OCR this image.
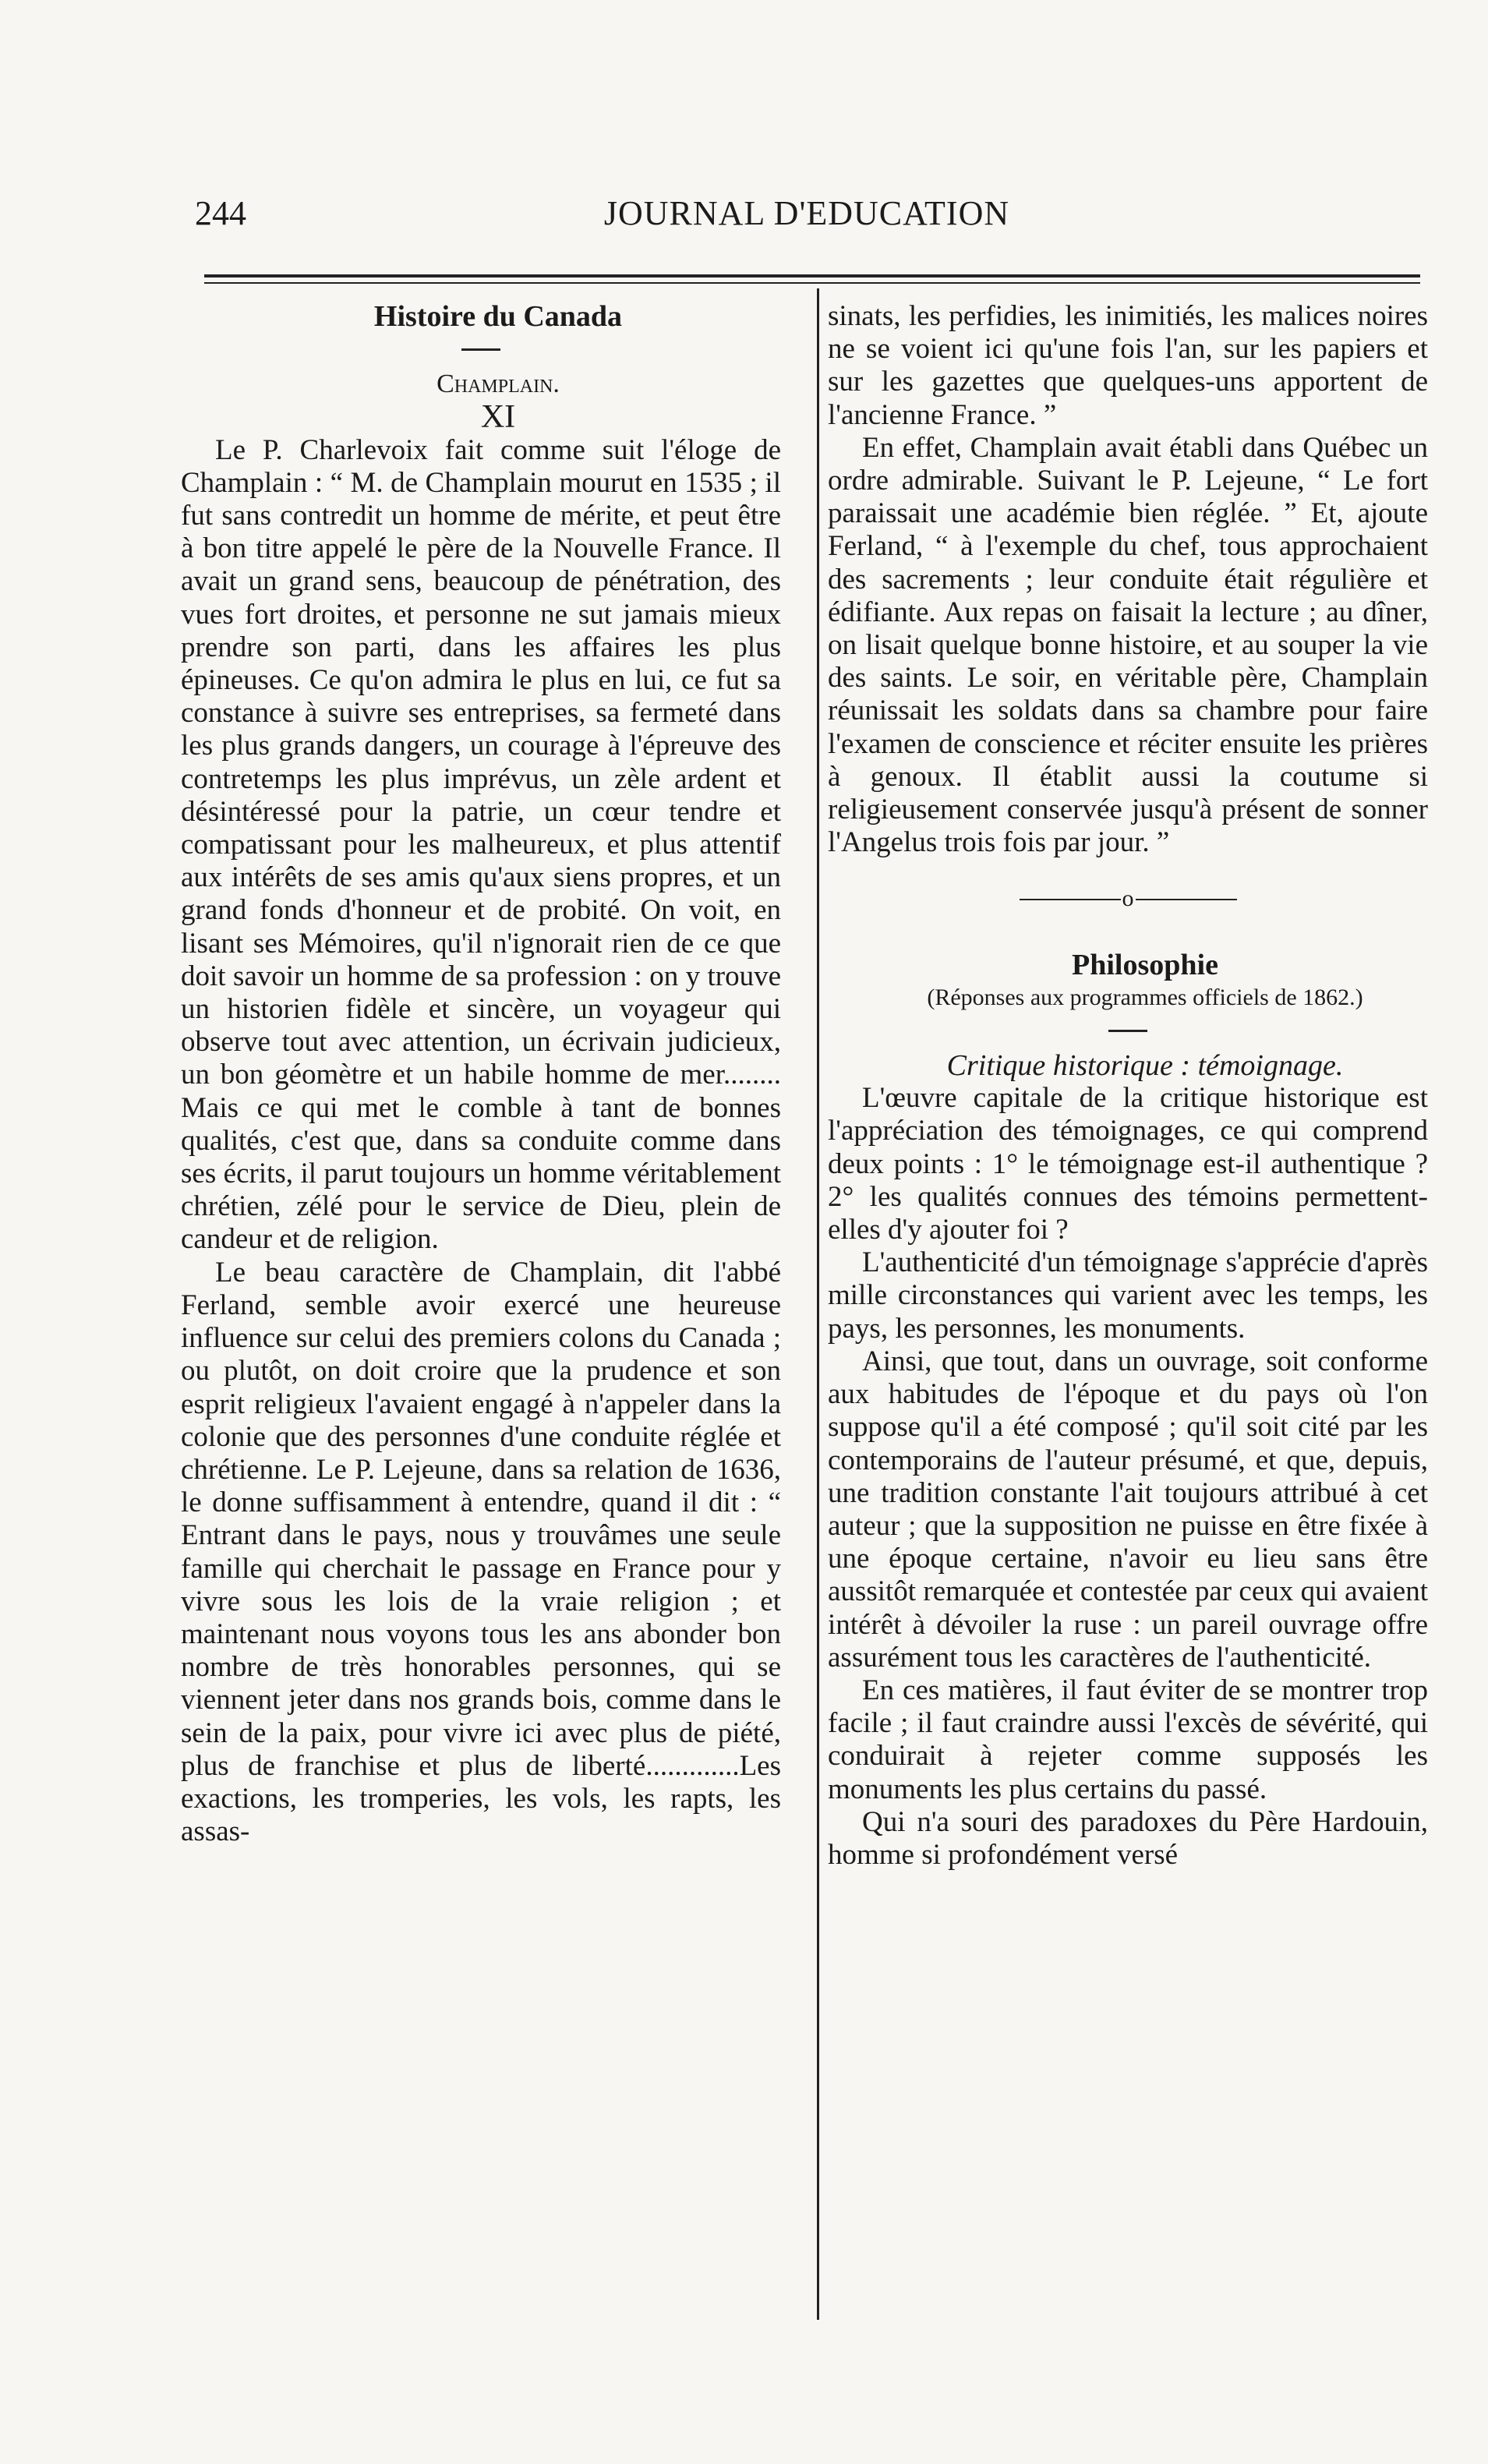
244	JOURNAL D'EDUCATION

Histoire du Canada

Champlain.

XI

Le P. Charlevoix fait comme suit l'éloge de Champlain : “ M. de Champlain mourut en 1535 ; il fut sans contredit un homme de mérite, et peut être à bon titre appelé le père de la Nouvelle France. Il avait un grand sens, beaucoup de pénétration, des vues fort droites, et personne ne sut jamais mieux prendre son parti, dans les affaires les plus épineuses. Ce qu'on admira le plus en lui, ce fut sa constance à suivre ses entreprises, sa fermeté dans les plus grands dangers, un courage à l'épreuve des contretemps les plus imprévus, un zèle ardent et désintéressé pour la patrie, un cœur tendre et compatissant pour les malheureux, et plus attentif aux intérêts de ses amis qu'aux siens propres, et un grand fonds d'honneur et de probité. On voit, en lisant ses Mémoires, qu'il n'ignorait rien de ce que doit savoir un homme de sa profession : on y trouve un historien fidèle et sincère, un voyageur qui observe tout avec attention, un écrivain judicieux, un bon géomètre et un habile homme de mer........ Mais ce qui met le comble à tant de bonnes qualités, c'est que, dans sa conduite comme dans ses écrits, il parut toujours un homme véritablement chrétien, zélé pour le service de Dieu, plein de candeur et de religion.

Le beau caractère de Champlain, dit l'abbé Ferland, semble avoir exercé une heureuse influence sur celui des premiers colons du Canada ; ou plutôt, on doit croire que la prudence et son esprit religieux l'avaient engagé à n'appeler dans la colonie que des personnes d'une conduite réglée et chrétienne. Le P. Lejeune, dans sa relation de 1636, le donne suffisamment à entendre, quand il dit : “ Entrant dans le pays, nous y trouvâmes une seule famille qui cherchait le passage en France pour y vivre sous les lois de la vraie religion ; et maintenant nous voyons tous les ans abonder bon nombre de très honorables personnes, qui se viennent jeter dans nos grands bois, comme dans le sein de la paix, pour vivre ici avec plus de piété, plus de franchise et plus de liberté.............Les exactions, les tromperies, les vols, les rapts, les assas-

sinats, les perfidies, les inimitiés, les malices noires ne se voient ici qu'une fois l'an, sur les papiers et sur les gazettes que quelques-uns apportent de l'ancienne France. ”

En effet, Champlain avait établi dans Québec un ordre admirable. Suivant le P. Lejeune, “ Le fort paraissait une académie bien réglée. ” Et, ajoute Ferland, “ à l'exemple du chef, tous approchaient des sacrements ; leur conduite était régulière et édifiante. Aux repas on faisait la lecture ; au dîner, on lisait quelque bonne histoire, et au souper la vie des saints. Le soir, en véritable père, Champlain réunissait les soldats dans sa chambre pour faire l'examen de conscience et réciter ensuite les prières à genoux. Il établit aussi la coutume si religieusement conservée jusqu'à présent de sonner l'Angelus trois fois par jour. ”

o

Philosophie

(Réponses aux programmes officiels de 1862.)

Critique historique : témoignage.

L'œuvre capitale de la critique historique est l'appréciation des témoignages, ce qui comprend deux points : 1° le témoignage est-il authentique ? 2° les qualités connues des témoins permettent-elles d'y ajouter foi ?

L'authenticité d'un témoignage s'apprécie d'après mille circonstances qui varient avec les temps, les pays, les personnes, les monuments.

Ainsi, que tout, dans un ouvrage, soit conforme aux habitudes de l'époque et du pays où l'on suppose qu'il a été composé ; qu'il soit cité par les contemporains de l'auteur présumé, et que, depuis, une tradition constante l'ait toujours attribué à cet auteur ; que la supposition ne puisse en être fixée à une époque certaine, n'avoir eu lieu sans être aussitôt remarquée et contestée par ceux qui avaient intérêt à dévoiler la ruse : un pareil ouvrage offre assurément tous les caractères de l'authenticité.

En ces matières, il faut éviter de se montrer trop facile ; il faut craindre aussi l'excès de sévérité, qui conduirait à rejeter comme supposés les monuments les plus certains du passé.

Qui n'a souri des paradoxes du Père Hardouin, homme si profondément versé
